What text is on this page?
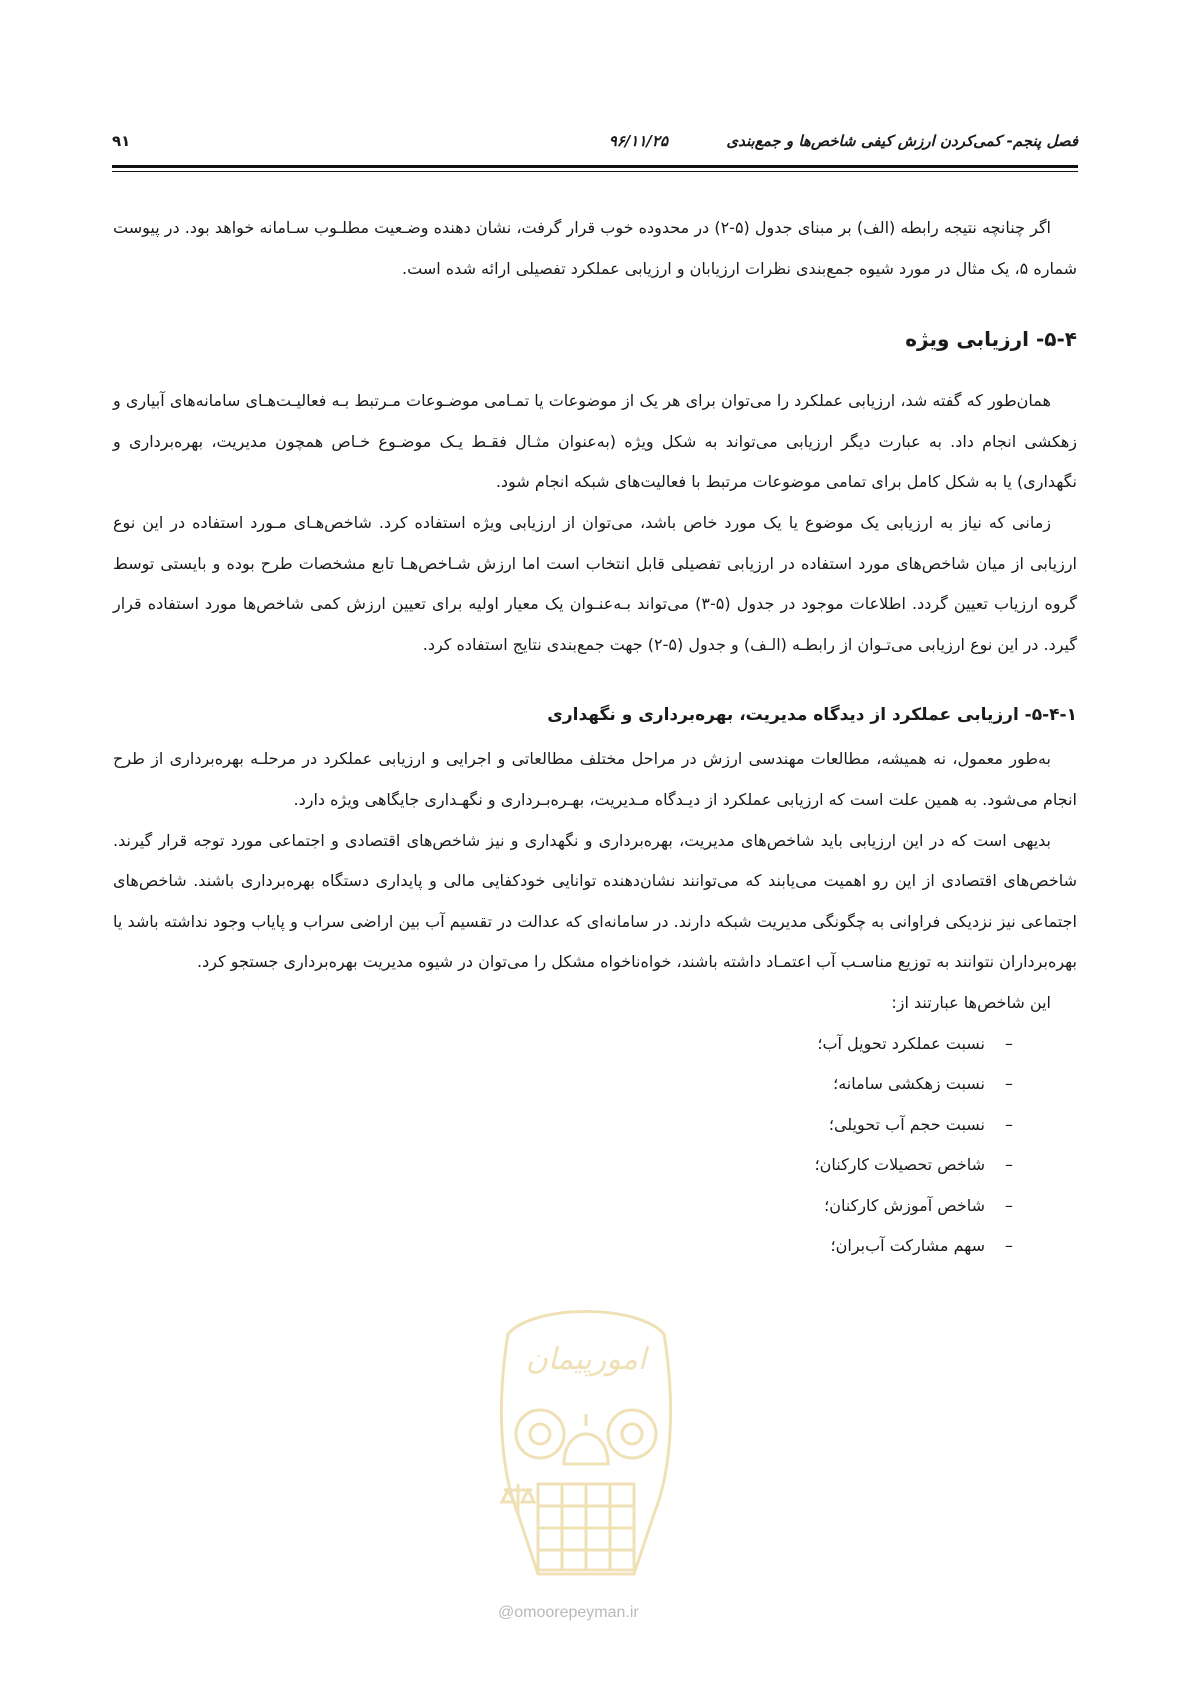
فصل پنجم- کمی‌کردن ارزش کیفی شاخص‌ها و جمع‌بندی
۹۶/۱۱/۲۵
۹۱

اگر چنانچه نتیجه رابطه (الف) بر مبنای جدول (۵-۲) در محدوده خوب قرار گرفت، نشان دهنده وضـعیت مطلـوب سـامانه خواهد بود. در پیوست شماره ۵، یک مثال در مورد شیوه جمع‌بندی نظرات ارزیابان و ارزیابی عملکرد تفصیلی ارائه شده است.

۵-۴- ارزیابی ویژه

همان‌طور که گفته شد، ارزیابی عملکرد را می‌توان برای هر یک از موضوعات یا تمـامی موضـوعات مـرتبط بـه فعالیـت‌هـای سامانه‌های آبیاری و زهکشی انجام داد. به عبارت دیگر ارزیابی می‌تواند به شکل ویژه (به‌عنوان مثـال فقـط یـک موضـوع خـاص همچون مدیریت، بهره‌برداری و نگهداری) یا به شکل کامل برای تمامی موضوعات مرتبط با فعالیت‌های شبکه انجام شود.

زمانی که نیاز به ارزیابی یک موضوع یا یک مورد خاص باشد، می‌توان از ارزیابی ویژه استفاده کرد. شاخص‌هـای مـورد استفاده در این نوع ارزیابی از میان شاخص‌های مورد استفاده در ارزیابی تفصیلی قابل انتخاب است اما ارزش شـاخص‌هـا تابع مشخصات طرح بوده و بایستی توسط گروه ارزیاب تعیین گردد. اطلاعات موجود در جدول (۵-۳) می‌تواند بـه‌عنـوان یک معیار اولیه برای تعیین ارزش کمی شاخص‌ها مورد استفاده قرار گیرد. در این نوع ارزیابی می‌تـوان از رابطـه (الـف) و جدول (۵-۲) جهت جمع‌بندی نتایج استفاده کرد.

۵-۴-۱- ارزیابی عملکرد از دیدگاه مدیریت، بهره‌برداری و نگهداری

به‌طور معمول، نه همیشه، مطالعات مهندسی ارزش در مراحل مختلف مطالعاتی و اجرایی و ارزیابی عملکرد در مرحلـه بهره‌برداری از طرح انجام می‌شود. به همین علت است که ارزیابی عملکرد از دیـدگاه مـدیریت، بهـره‌بـرداری و نگهـداری جایگاهی ویژه دارد.

بدیهی است که در این ارزیابی باید شاخص‌های مدیریت، بهره‌برداری و نگهداری و نیز شاخص‌های اقتصادی و اجتماعی مورد توجه قرار گیرند. شاخص‌های اقتصادی از این رو اهمیت می‌یابند که می‌توانند نشان‌دهنده توانایی خودکفایی مالی و پایداری دستگاه بهره‌برداری باشند. شاخص‌های اجتماعی نیز نزدیکی فراوانی به چگونگی مدیریت شبکه دارند. در سامانه‌ای که عدالت در تقسیم آب بین اراضی سراب و پایاب وجود نداشته باشد یا بهره‌برداران نتوانند به توزیع مناسـب آب اعتمـاد داشته باشند، خواه‌ناخواه مشکل را می‌توان در شیوه مدیریت بهره‌برداری جستجو کرد.

این شاخص‌ها عبارتند از:

–
نسبت عملکرد تحویل آب؛
–
نسبت زهکشی سامانه؛
–
نسبت حجم آب تحویلی؛
–
شاخص تحصیلات کارکنان؛
–
شاخص آموزش کارکنان؛
–
سهم مشارکت آب‌بران؛
امورپیمان
@omoorepeyman.ir
